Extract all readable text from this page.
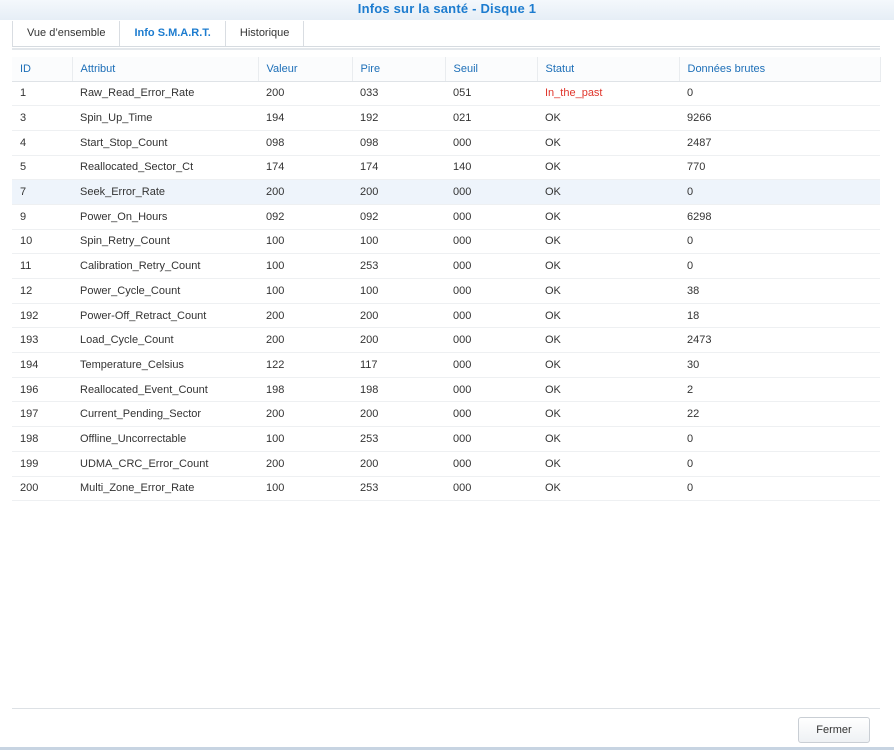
Infos sur la santé - Disque 1
Vue d’ensemble	Info S.M.A.R.T.	Historique
ID	Attribut	Valeur	Pire	Seuil	Statut	Données brutes
1	Raw_Read_Error_Rate	200	033	051	In_the_past	0
3	Spin_Up_Time	194	192	021	OK	9266
4	Start_Stop_Count	098	098	000	OK	2487
5	Reallocated_Sector_Ct	174	174	140	OK	770
7	Seek_Error_Rate	200	200	000	OK	0
9	Power_On_Hours	092	092	000	OK	6298
10	Spin_Retry_Count	100	100	000	OK	0
11	Calibration_Retry_Count	100	253	000	OK	0
12	Power_Cycle_Count	100	100	000	OK	38
192	Power-Off_Retract_Count	200	200	000	OK	18
193	Load_Cycle_Count	200	200	000	OK	2473
194	Temperature_Celsius	122	117	000	OK	30
196	Reallocated_Event_Count	198	198	000	OK	2
197	Current_Pending_Sector	200	200	000	OK	22
198	Offline_Uncorrectable	100	253	000	OK	0
199	UDMA_CRC_Error_Count	200	200	000	OK	0
200	Multi_Zone_Error_Rate	100	253	000	OK	0
Fermer
